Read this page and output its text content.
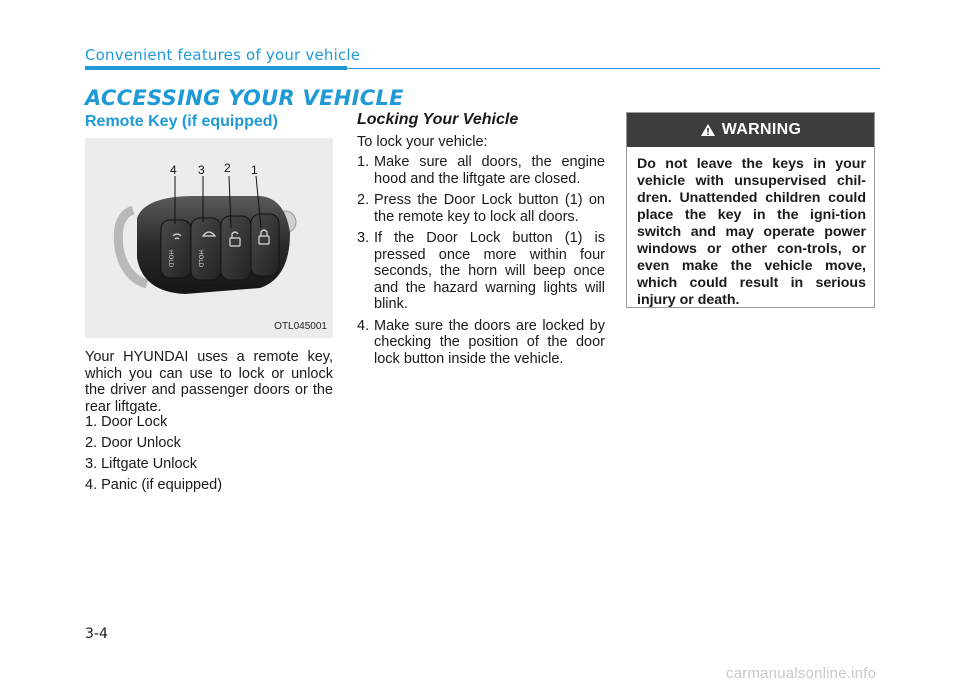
Convenient features of your vehicle
ACCESSING YOUR VEHICLE
Remote Key (if equipped)
HOLD	HOLD
4 3 2 1
OTL045001
Your HYUNDAI uses a remote key, which you can use to lock or unlock the driver and passenger doors or the rear liftgate.
1. Door Lock
2. Door Unlock
3. Liftgate Unlock
4. Panic (if equipped)
Locking Your Vehicle
To lock your vehicle:
1. Make sure all doors, the engine hood and the liftgate are closed.
2. Press the Door Lock button (1) on the remote key to lock all doors.
3. If the Door Lock button (1) is pressed once more within four seconds, the horn will beep once and the hazard warning lights will blink.
4. Make sure the doors are locked by checking the position of the door lock button inside the vehicle.
WARNING
Do not leave the keys in your vehicle with unsupervised chil-dren. Unattended children could place the key in the igni-tion switch and may operate power windows or other con-trols, or even make the vehicle move, which could result in serious injury or death.
3-4
carmanualsonline.info
